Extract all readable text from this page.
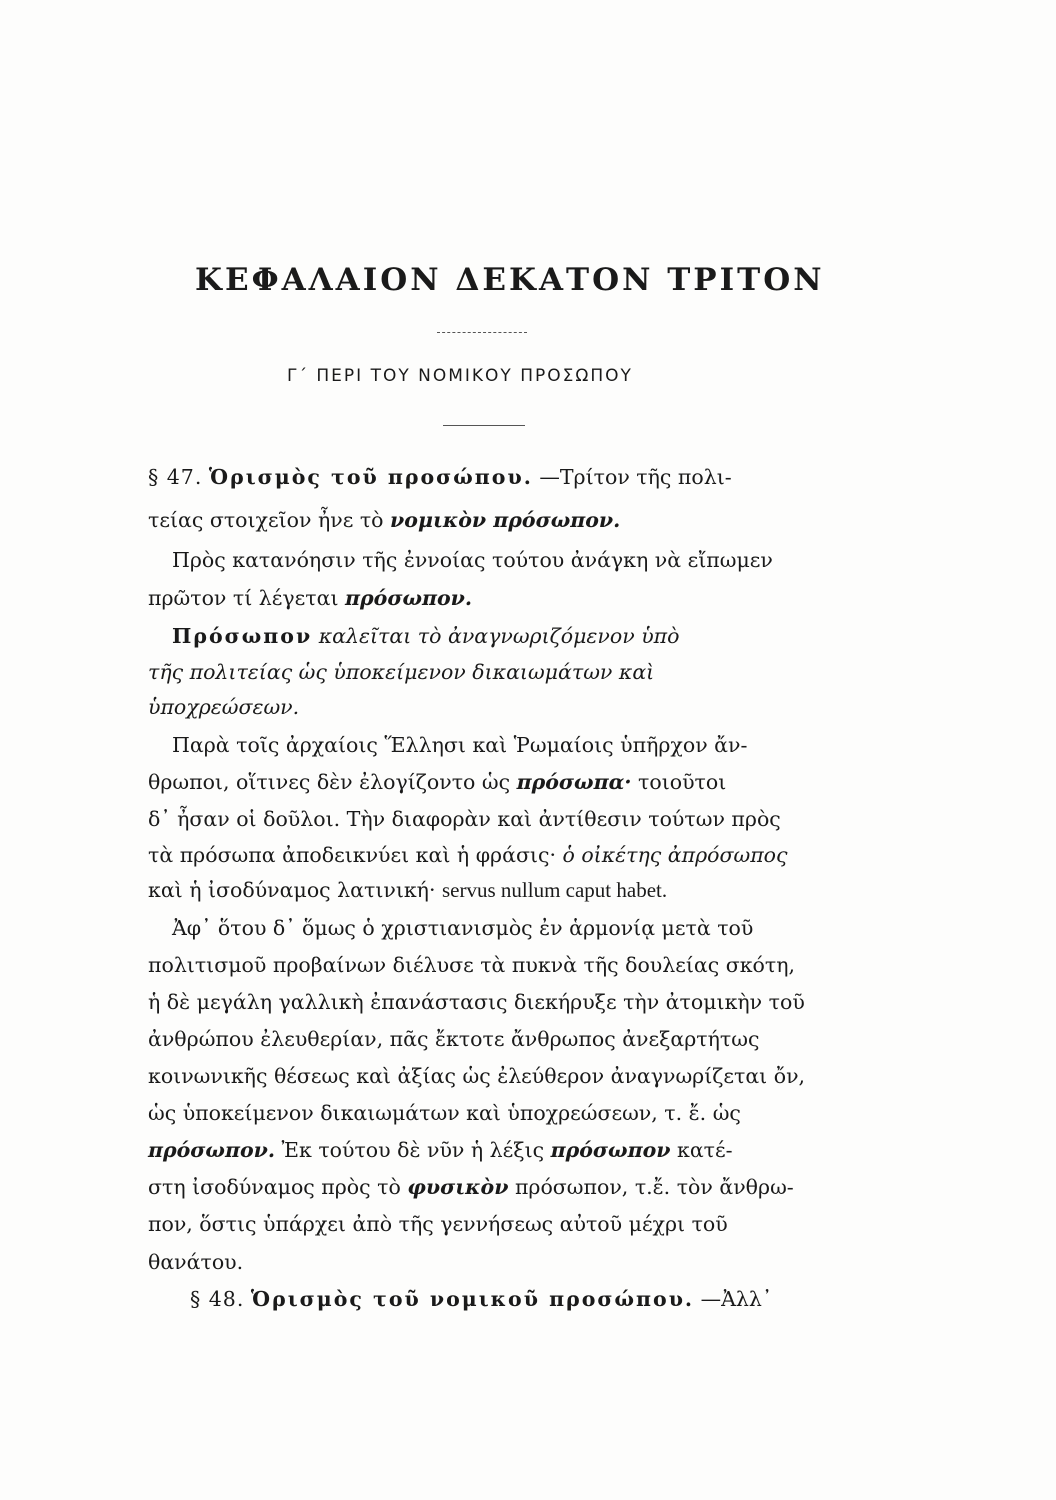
ΚΕΦΑΛΑΙΟΝ ΔΕΚΑΤΟΝ ΤΡΙΤΟΝ
Γ΄ ΠΕΡΙ ΤΟΥ ΝΟΜΙΚΟΥ ΠΡΟΣΩΠΟΥ
§ 47. Ὁρισμὸς τοῦ προσώπου. —Τρίτον τῆς πολι-
τείας στοιχεῖον ἦνε τὸ νομικὸν πρόσωπον.
Πρὸς κατανόησιν τῆς ἐννοίας τούτου ἀνάγκη νὰ εἴπωμεν
πρῶτον τί λέγεται πρόσωπον.
Πρόσωπον καλεῖται τὸ ἀναγνωριζόμενον ὑπὸ
τῆς πολιτείας ὡς ὑποκείμενον δικαιωμάτων καὶ
ὑποχρεώσεων.
Παρὰ τοῖς ἀρχαίοις Ἕλλησι καὶ Ῥωμαίοις ὑπῆρχον ἄν-
θρωποι, οἵτινες δὲν ἐλογίζοντο ὡς πρόσωπα· τοιοῦτοι
δ᾽ ἦσαν οἱ δοῦλοι. Τὴν διαφορὰν καὶ ἀντίθεσιν τούτων πρὸς
τὰ πρόσωπα ἀποδεικνύει καὶ ἡ φράσις· ὁ οἰκέτης ἀπρόσωπος
καὶ ἡ ἰσοδύναμος λατινική· servus nullum caput habet.
Ἀφ᾽ ὅτου δ᾽ ὅμως ὁ χριστιανισμὸς ἐν ἁρμονίᾳ μετὰ τοῦ
πολιτισμοῦ προβαίνων διέλυσε τὰ πυκνὰ τῆς δουλείας σκότη,
ἡ δὲ μεγάλη γαλλικὴ ἐπανάστασις διεκήρυξε τὴν ἀτομικὴν τοῦ
ἀνθρώπου ἐλευθερίαν, πᾶς ἔκτοτε ἄνθρωπος ἀνεξαρτήτως
κοινωνικῆς θέσεως καὶ ἀξίας ὡς ἐλεύθερον ἀναγνωρίζεται ὄν,
ὡς ὑποκείμενον δικαιωμάτων καὶ ὑποχρεώσεων, τ. ἔ. ὡς
πρόσωπον. Ἐκ τούτου δὲ νῦν ἡ λέξις πρόσωπον κατέ-
στη ἰσοδύναμος πρὸς τὸ φυσικὸν πρόσωπον, τ.ἔ. τὸν ἄνθρω-
πον, ὅστις ὑπάρχει ἀπὸ τῆς γεννήσεως αὐτοῦ μέχρι τοῦ
θανάτου.
§ 48. Ὁρισμὸς τοῦ νομικοῦ προσώπου. —Ἀλλ᾽
